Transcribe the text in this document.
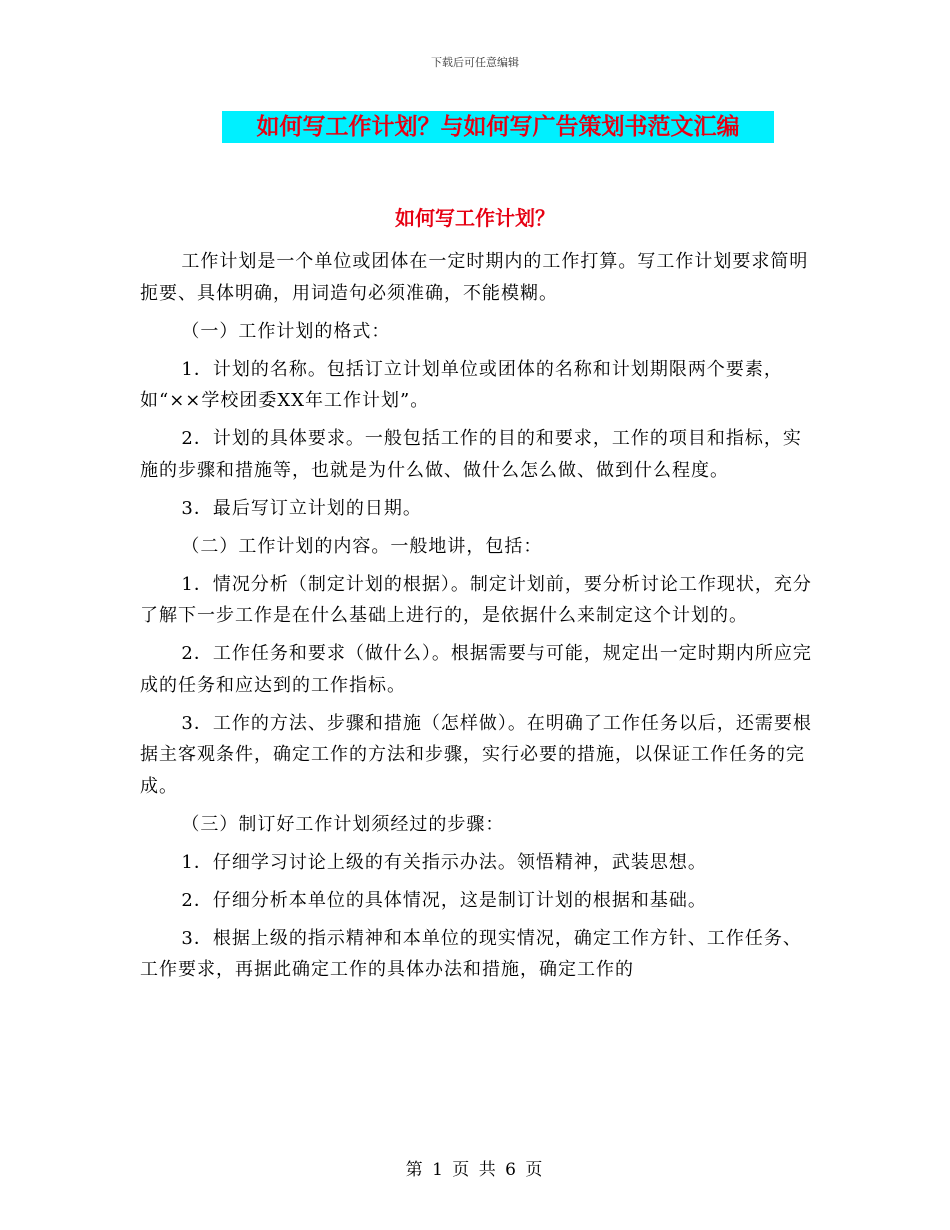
下载后可任意编辑
如何写工作计划？与如何写广告策划书范文汇编
如何写工作计划？

工作计划是一个单位或团体在一定时期内的工作打算。写工作计划要求简明扼要、具体明确，用词造句必须准确，不能模糊。

（一）工作计划的格式：

1．计划的名称。包括订立计划单位或团体的名称和计划期限两个要素，如“××学校团委XX年工作计划”。

2．计划的具体要求。一般包括工作的目的和要求，工作的项目和指标，实施的步骤和措施等，也就是为什么做、做什么怎么做、做到什么程度。

3．最后写订立计划的日期。

（二）工作计划的内容。一般地讲，包括：

1．情况分析（制定计划的根据）。制定计划前，要分析讨论工作现状，充分了解下一步工作是在什么基础上进行的，是依据什么来制定这个计划的。

2．工作任务和要求（做什么）。根据需要与可能，规定出一定时期内所应完成的任务和应达到的工作指标。

3．工作的方法、步骤和措施（怎样做）。在明确了工作任务以后，还需要根据主客观条件，确定工作的方法和步骤，实行必要的措施，以保证工作任务的完成。

（三）制订好工作计划须经过的步骤：

1．仔细学习讨论上级的有关指示办法。领悟精神，武装思想。

2．仔细分析本单位的具体情况，这是制订计划的根据和基础。

3．根据上级的指示精神和本单位的现实情况，确定工作方针、工作任务、工作要求，再据此确定工作的具体办法和措施，确定工作的

第 1 页 共 6 页
